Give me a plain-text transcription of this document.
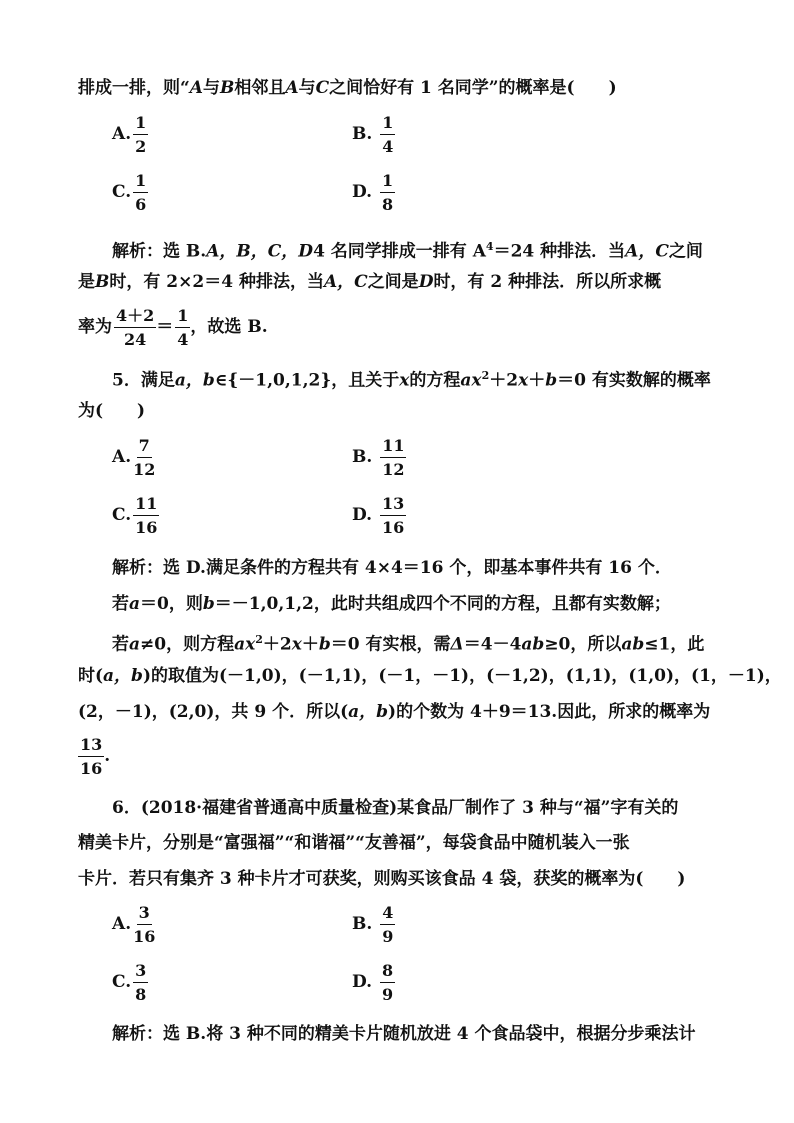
排成一排，则“A与B相邻且A与C之间恰好有 1 名同学”的概率是(　　)
A. $\frac{1}{2}$	B. $\frac{1}{4}$
C. $\frac{1}{6}$	D. $\frac{1}{8}$
解析：选 B.A，B，C，D4 名同学排成一排有 $A^4=24$ 种排法．当A，C之间
是B时，有 2×2＝4 种排法，当A，C之间是D时，有 2 种排法．所以所求概
率为 $\frac{4+2}{24} = \frac{1}{4}$ ，故选 B.
5．满足a，b∈{－1,0,1,2}，且关于x的方程$ax^2+2x+b=0$ 有实数解的概率
为(　　)
A. $\frac{7}{12}$	B. $\frac{11}{12}$
C. $\frac{11}{16}$	D. $\frac{13}{16}$
解析：选 D.满足条件的方程共有 4×4＝16 个，即基本事件共有 16 个．
若a＝0，则b＝－1,0,1,2，此时共组成四个不同的方程，且都有实数解；
若a≠0，则方程$ax^2+2x+b=0$ 有实根，需Δ＝4－4ab≥0，所以ab≤1，此
时(a，b)的取值为(－1,0)，(－1,1)，(－1，－1)，(－1,2)，(1,1)，(1,0)，(1，－1)，
(2，－1)，(2,0)，共 9 个．所以(a，b)的个数为 4＋9＝13.因此，所求的概率为
$\frac{13}{16}$ .
6．(2018·福建省普通高中质量检查)某食品厂制作了 3 种与“福”字有关的
精美卡片，分别是“富强福”“和谐福”“友善福”，每袋食品中随机装入一张
卡片．若只有集齐 3 种卡片才可获奖，则购买该食品 4 袋，获奖的概率为(　　)
A. $\frac{3}{16}$	B. $\frac{4}{9}$
C. $\frac{3}{8}$	D. $\frac{8}{9}$
解析：选 B.将 3 种不同的精美卡片随机放进 4 个食品袋中，根据分步乘法计
